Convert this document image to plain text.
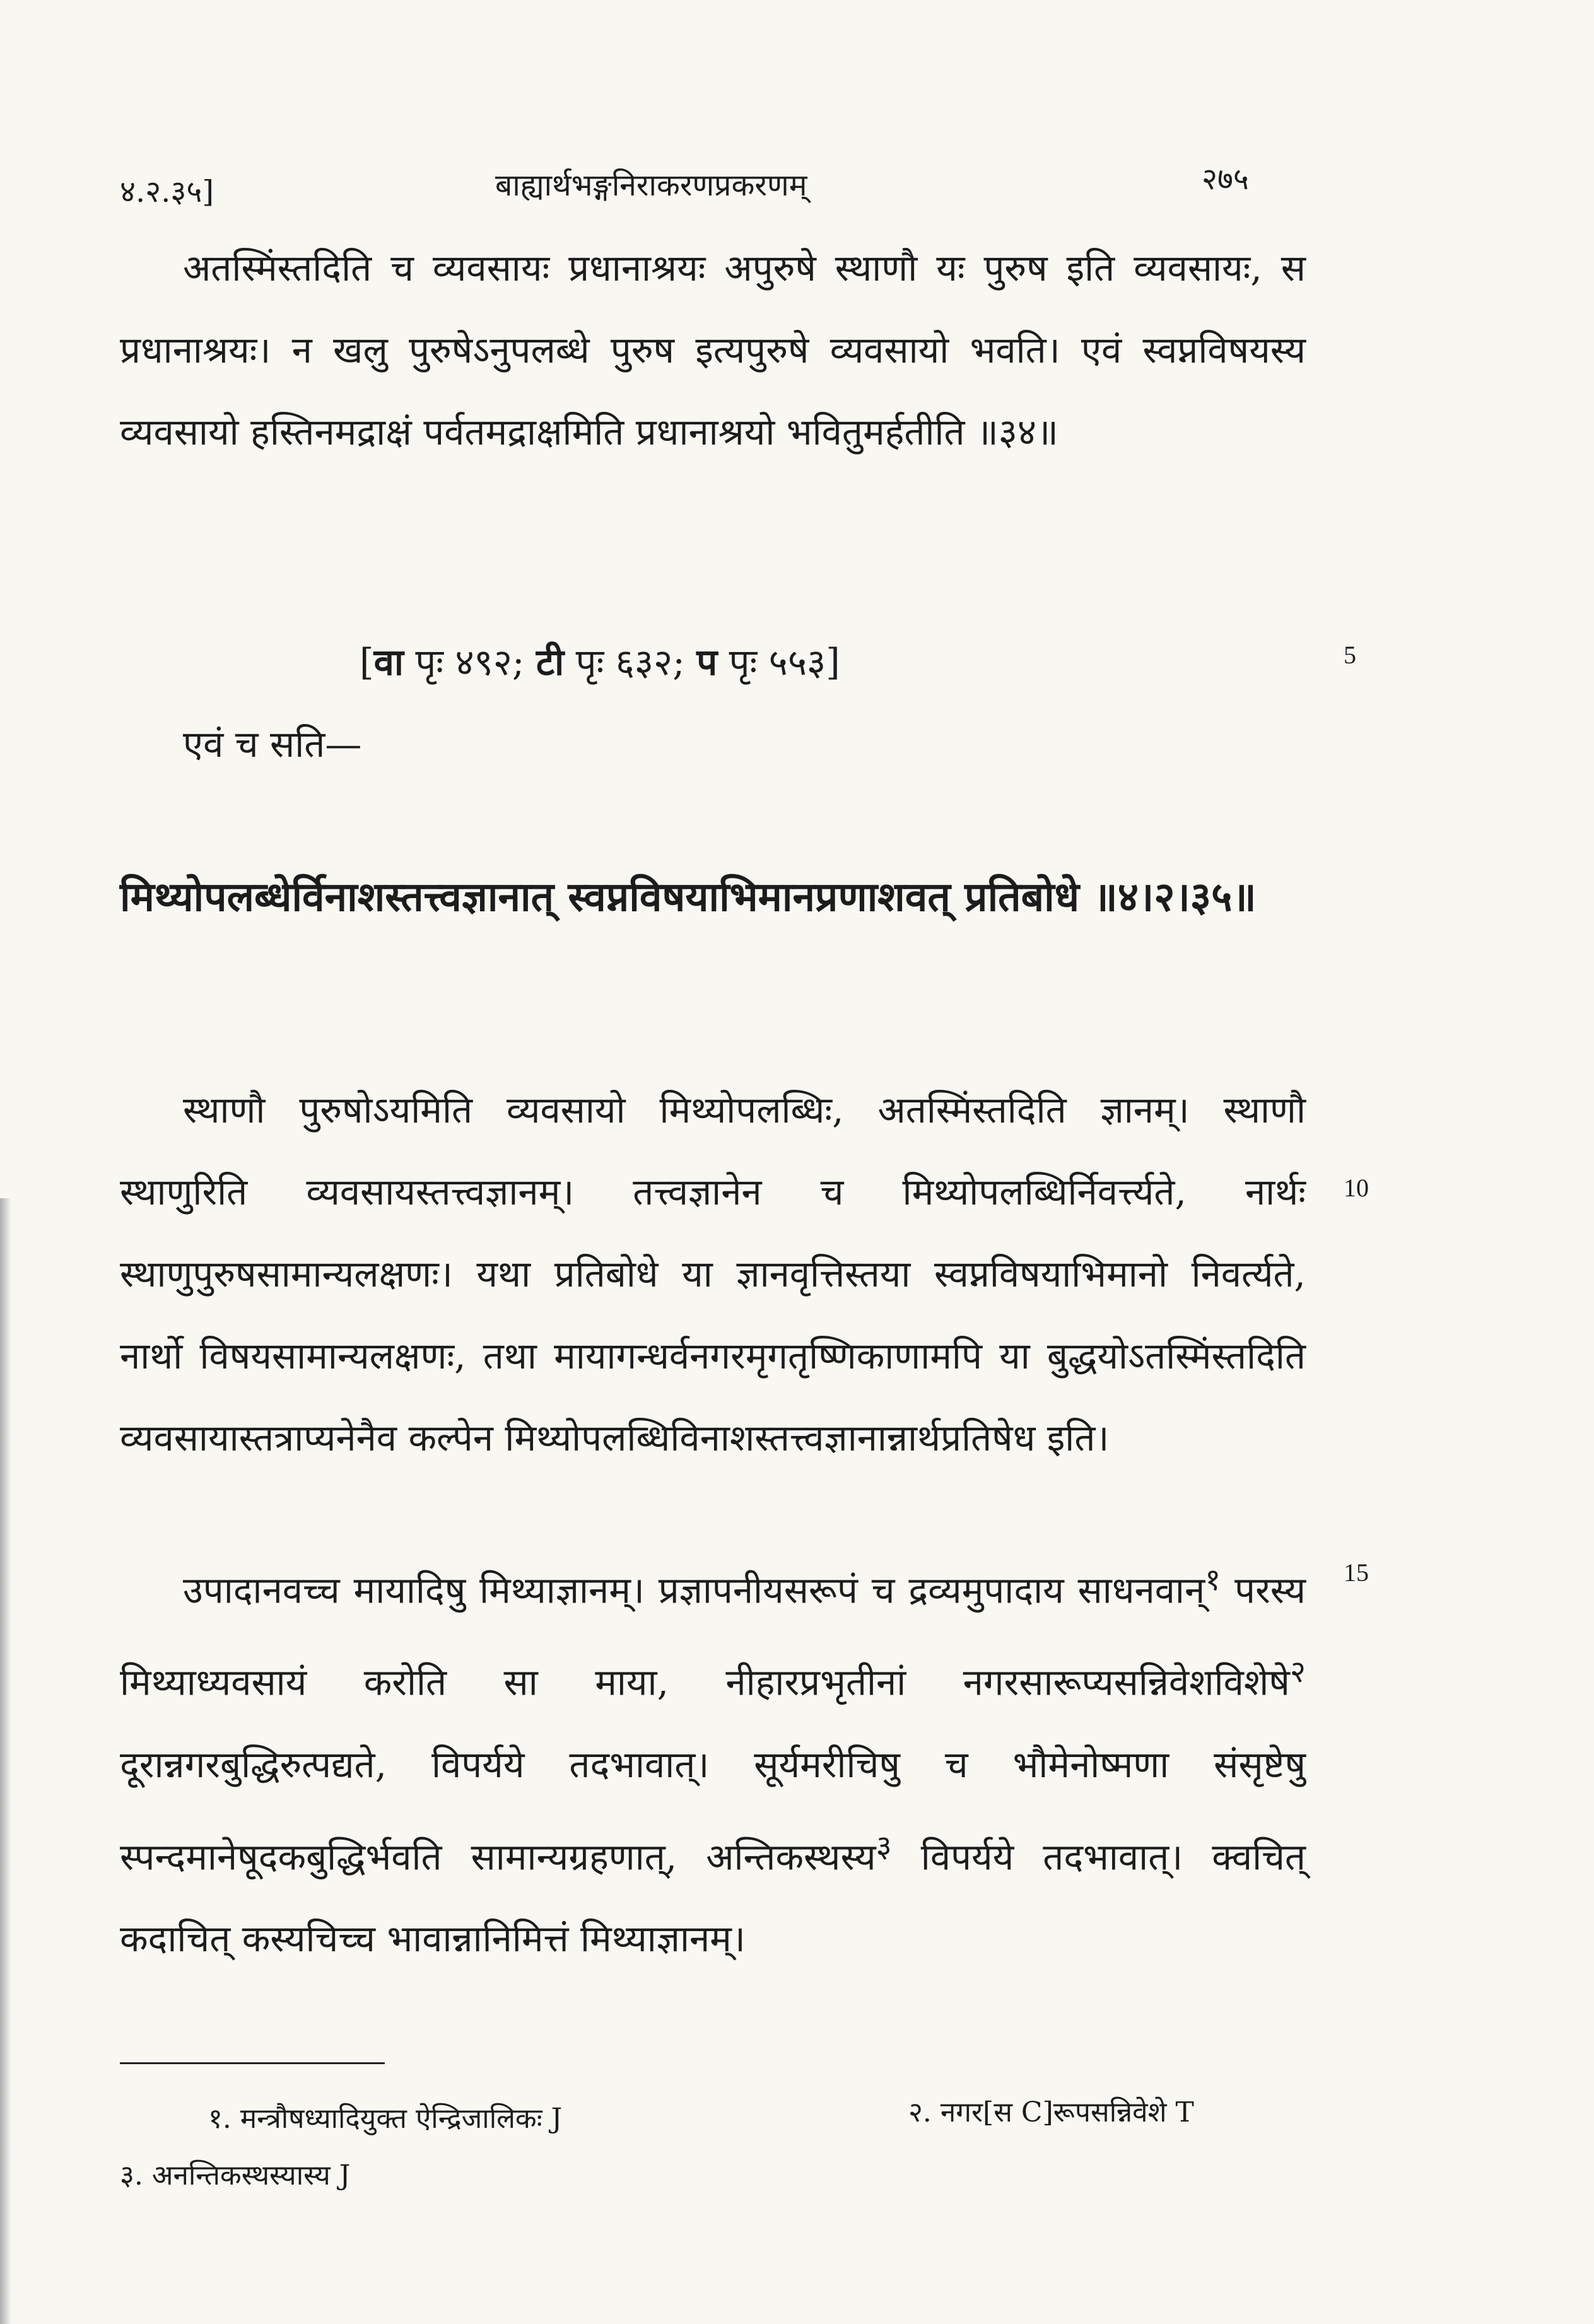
४.२.३५]	बाह्यार्थभङ्गनिराकरणप्रकरणम्	२७५

अतस्मिंस्तदिति च व्यवसायः प्रधानाश्रयः अपुरुषे स्थाणौ यः पुरुष इति व्यवसायः, स प्रधानाश्रयः। न खलु पुरुषेऽनुपलब्धे पुरुष इत्यपुरुषे व्यवसायो भवति। एवं स्वप्नविषयस्य व्यवसायो हस्तिनमद्राक्षं पर्वतमद्राक्षमिति प्रधानाश्रयो भवितुमर्हतीति ॥३४॥

[वा पृः ४९२; टी पृः ६३२; प पृः ५५३]
एवं च सति—
मिथ्योपलब्धेर्विनाशस्तत्त्वज्ञानात् स्वप्नविषयाभिमानप्रणाशवत् प्रतिबोधे ॥४।२।३५॥

स्थाणौ पुरुषोऽयमिति व्यवसायो मिथ्योपलब्धिः, अतस्मिंस्तदिति ज्ञानम्। स्थाणौ स्थाणुरिति व्यवसायस्तत्त्वज्ञानम्। तत्त्वज्ञानेन च मिथ्योपलब्धिर्निवर्त्त्यते, नार्थः स्थाणुपुरुषसामान्यलक्षणः। यथा प्रतिबोधे या ज्ञानवृत्तिस्तया स्वप्नविषयाभिमानो निवर्त्यते, नार्थो विषयसामान्यलक्षणः, तथा मायागन्धर्वनगरमृगतृष्णिकाणामपि या बुद्धयोऽतस्मिंस्तदिति व्यवसायास्तत्राप्यनेनैव कल्पेन मिथ्योपलब्धिविनाशस्तत्त्वज्ञानान्नार्थप्रतिषेध इति।

उपादानवच्च मायादिषु मिथ्याज्ञानम्। प्रज्ञापनीयसरूपं च द्रव्यमुपादाय साधनवान्$^१$ परस्य मिथ्याध्यवसायं करोति सा माया, नीहारप्रभृतीनां नगरसारूप्यसन्निवेशविशेषे$^२$ दूरान्नगरबुद्धिरुत्पद्यते, विपर्यये तदभावात्। सूर्यमरीचिषु च भौमेनोष्मणा संसृष्टेषु स्पन्दमानेषूदकबुद्धिर्भवति सामान्यग्रहणात्, अन्तिकस्थस्य$^३$ विपर्यये तदभावात्। क्वचित् कदाचित् कस्यचिच्च भावान्नानिमित्तं मिथ्याज्ञानम्।

5
10
15
१. मन्त्रौषध्यादियुक्त ऐन्द्रिजालिकः J	२. नगर[स C]रूपसन्निवेशे T
३. अनन्तिकस्थस्यास्य J
